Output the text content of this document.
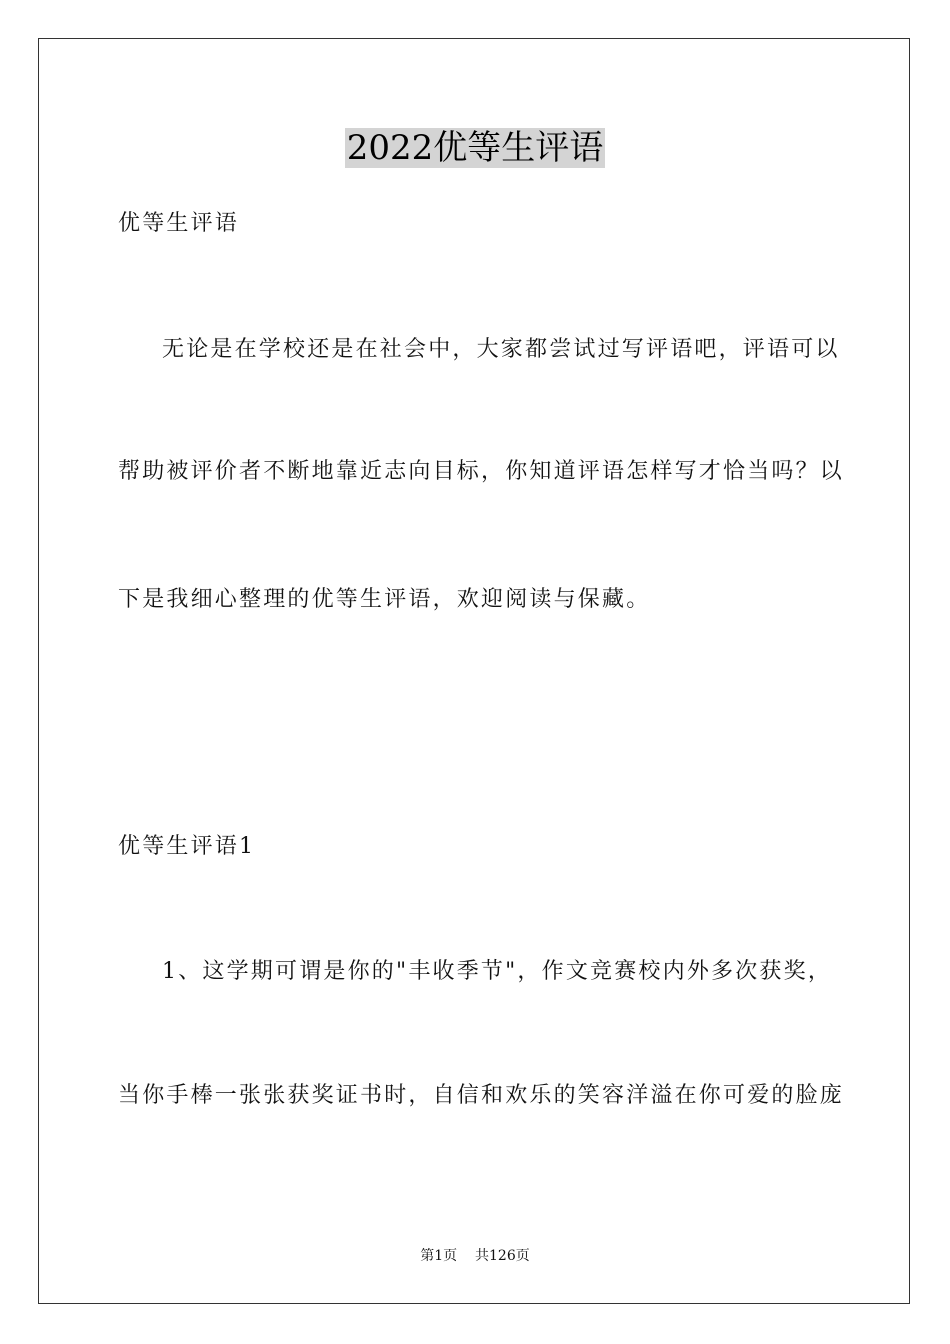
2022优等生评语
优等生评语
无论是在学校还是在社会中，大家都尝试过写评语吧，评语可以
帮助被评价者不断地靠近志向目标，你知道评语怎样写才恰当吗？以
下是我细心整理的优等生评语，欢迎阅读与保藏。
优等生评语1
1、这学期可谓是你的"丰收季节"，作文竞赛校内外多次获奖，
当你手棒一张张获奖证书时，自信和欢乐的笑容洋溢在你可爱的脸庞
第1页 共126页
